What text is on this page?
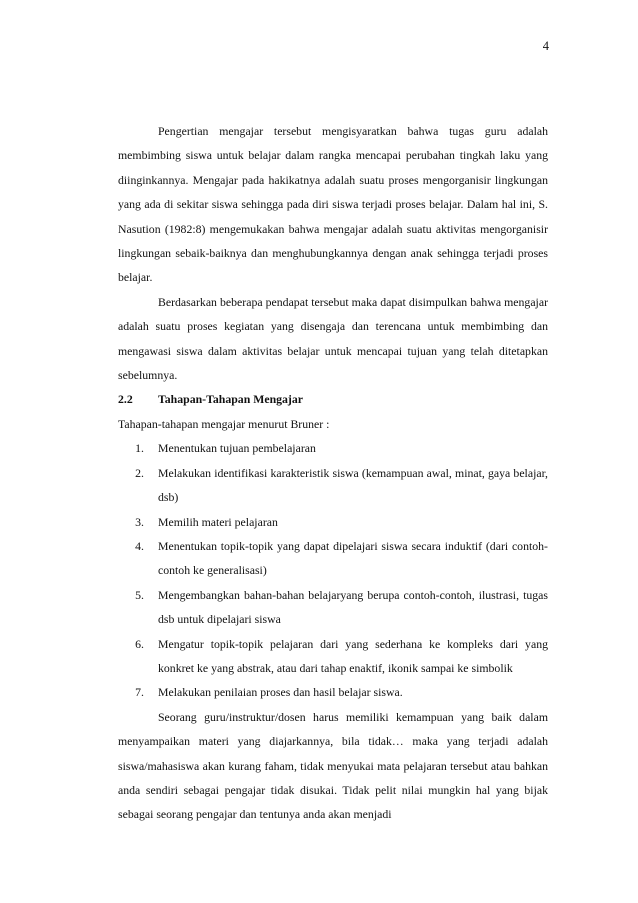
4

Pengertian mengajar tersebut mengisyaratkan bahwa tugas guru adalah membimbing siswa untuk belajar dalam rangka mencapai perubahan tingkah laku yang diinginkannya. Mengajar pada hakikatnya adalah suatu proses mengorganisir lingkungan yang ada di sekitar siswa sehingga pada diri siswa terjadi proses belajar. Dalam hal ini, S. Nasution (1982:8) mengemukakan bahwa mengajar adalah suatu aktivitas mengorganisir lingkungan sebaik-baiknya dan menghubungkannya dengan anak sehingga terjadi proses belajar.

Berdasarkan beberapa pendapat tersebut maka dapat disimpulkan bahwa mengajar adalah suatu proses kegiatan yang disengaja dan terencana untuk membimbing dan mengawasi siswa dalam aktivitas belajar untuk mencapai tujuan yang telah ditetapkan sebelumnya.

2.2	Tahapan-Tahapan Mengajar

Tahapan-tahapan mengajar menurut Bruner :

1.	Menentukan tujuan pembelajaran
2.	Melakukan identifikasi karakteristik siswa (kemampuan awal, minat, gaya belajar, dsb)
3.	Memilih materi pelajaran
4.	Menentukan topik-topik yang dapat dipelajari siswa secara induktif (dari contoh-contoh ke generalisasi)
5.	Mengembangkan bahan-bahan belajaryang berupa contoh-contoh, ilustrasi, tugas dsb untuk dipelajari siswa
6.	Mengatur topik-topik pelajaran dari yang sederhana ke kompleks dari yang konkret ke yang abstrak, atau dari tahap enaktif, ikonik sampai ke simbolik
7.	Melakukan penilaian proses dan hasil belajar siswa.

Seorang guru/instruktur/dosen harus memiliki kemampuan yang baik dalam menyampaikan materi yang diajarkannya, bila tidak… maka yang terjadi adalah siswa/mahasiswa akan kurang faham, tidak menyukai mata pelajaran tersebut atau bahkan anda sendiri sebagai pengajar tidak disukai. Tidak pelit nilai mungkin hal yang bijak sebagai seorang pengajar dan tentunya anda akan menjadi
